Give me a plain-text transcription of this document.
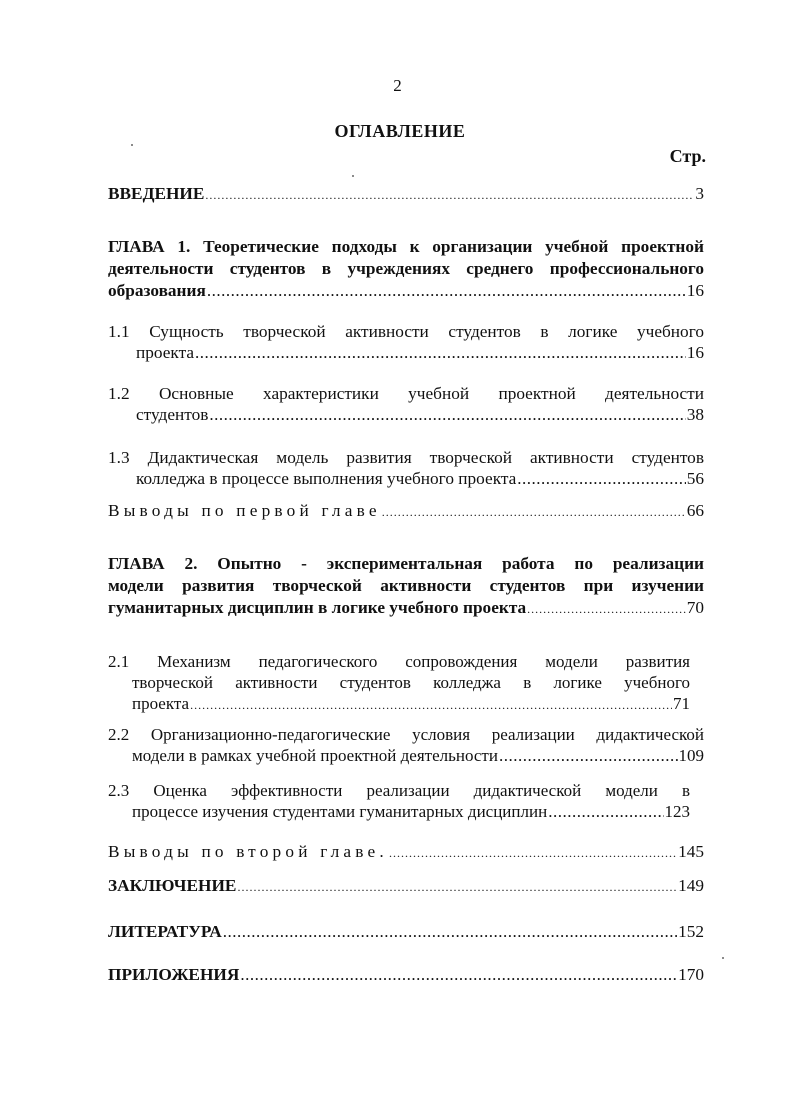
2
ОГЛАВЛЕНИЕ
Стр.
ВВЕДЕНИЕ .....	3
ГЛАВА 1. Теоретические подходы к организации учебной проектной
деятельности студентов в учреждениях среднего профессионального
образования .....	16
1.1 Сущность творческой активности студентов в логике учебного
проекта .....	16
1.2 Основные характеристики учебной проектной деятельности
студентов .....	38
1.3 Дидактическая модель развития творческой активности студентов
колледжа в процессе выполнения учебного проекта .....	56
Выводы по первой главе .....	66
ГЛАВА 2. Опытно - экспериментальная работа по реализации
модели развития творческой активности студентов при изучении
гуманитарных дисциплин в логике учебного проекта .....	70
2.1 Механизм педагогического сопровождения модели развития
творческой активности студентов колледжа в логике учебного
проекта .....	71
2.2 Организационно-педагогические условия реализации дидактической
модели в рамках учебной проектной деятельности .....	109
2.3 Оценка эффективности реализации дидактической модели в
процессе изучения студентами гуманитарных дисциплин .....	123
Выводы по второй главе. .....	145
ЗАКЛЮЧЕНИЕ .....	149
ЛИТЕРАТУРА .....	152
ПРИЛОЖЕНИЯ .....	170
